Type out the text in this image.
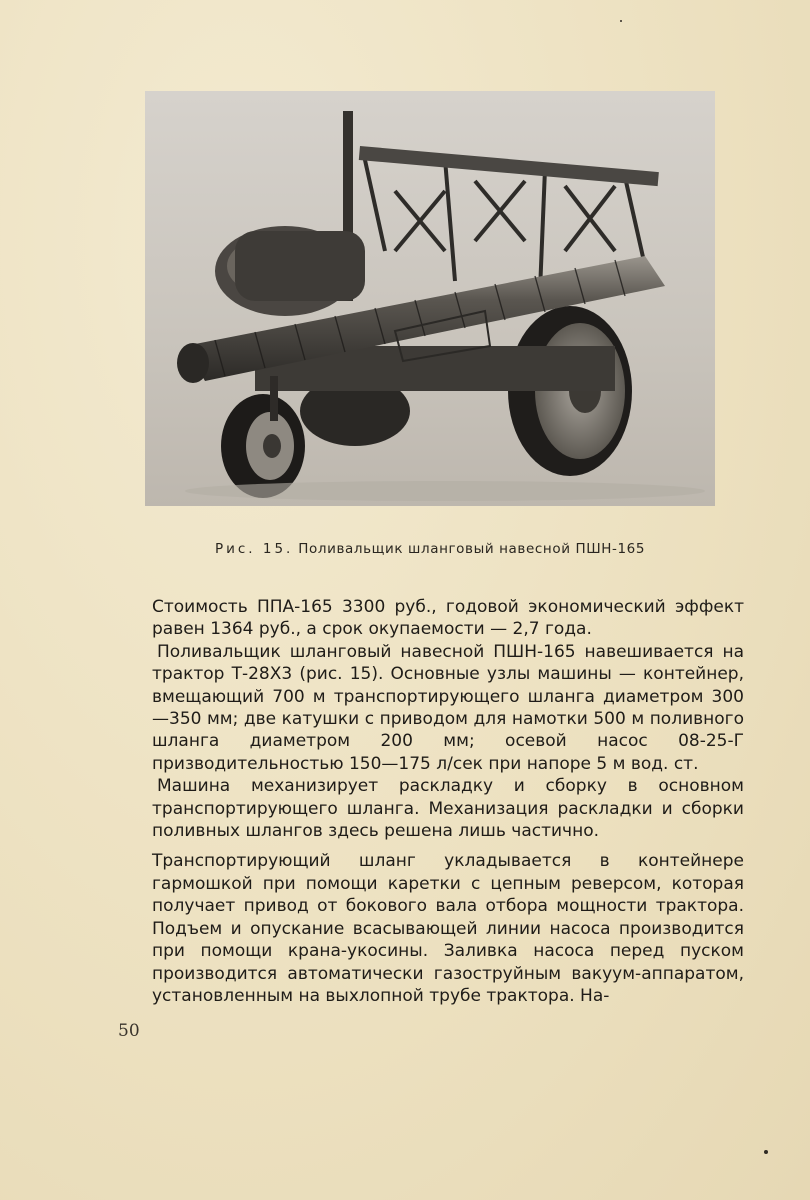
Рис. 15. Поливальщик шланговый навесной ПШН-165

Стоимость ППА-165 3300 руб., годовой экономический эффект равен 1364 руб., а срок окупаемости — 2,7 года.

Поливальщик шланговый навесной ПШН-165 навешивается на трактор Т-28Х3 (рис. 15). Основные узлы машины — контейнер, вмещающий 700 м транспортирующего шланга диаметром 300—350 мм; две катушки с приводом для намотки 500 м поливного шланга диаметром 200 мм; осевой насос 08-25-Г призводительностью 150—175 л/сек при напоре 5 м вод. ст.

Машина механизирует раскладку и сборку в основном транспортирующего шланга. Механизация раскладки и сборки поливных шлангов здесь решена лишь частично.

Транспортирующий шланг укладывается в контейнере гармошкой при помощи каретки с цепным реверсом, которая получает привод от бокового вала отбора мощности трактора. Подъем и опускание всасывающей линии насоса производится при помощи крана-укосины. Заливка насоса перед пуском производится автоматически газоструйным вакуум-аппаратом, установленным на выхлопной трубе трактора. На-

50
